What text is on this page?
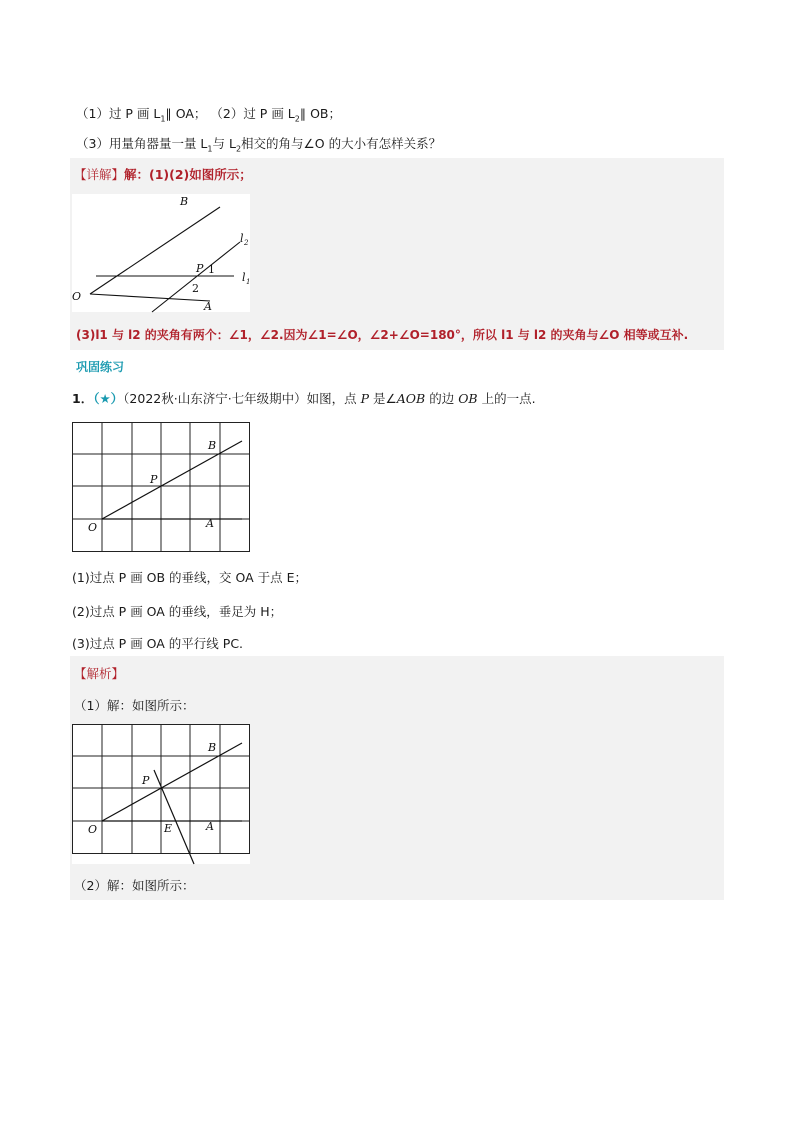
（1）过 P 画 $L_1\parallel$ OA； （2）过 P 画 $L_2\parallel$ OB；
（3）用量角器量一量 $L_1$与 $L_2$相交的角与∠O 的大小有怎样关系？
【详解】解：(1)(2)如图所示；
B
O
P 1
2
A
l 2
l 1
(3)l1 与 l2 的夹角有两个：∠1，∠2.因为∠1=∠O，∠2+∠O=180°，所以 l1 与 l2 的夹角与∠O 相等或互补.
巩固练习
1．（★）（2022秋·山东济宁·七年级期中）如图，点 P 是∠AOB 的边 OB 上的一点.
B
P
O	A
(1)过点 P 画 OB 的垂线，交 OA 于点 E；
(2)过点 P 画 OA 的垂线，垂足为 H；
(3)过点 P 画 OA 的平行线 PC.
【解析】
（1）解：如图所示：
B
P
O	A
E
（2）解：如图所示：
